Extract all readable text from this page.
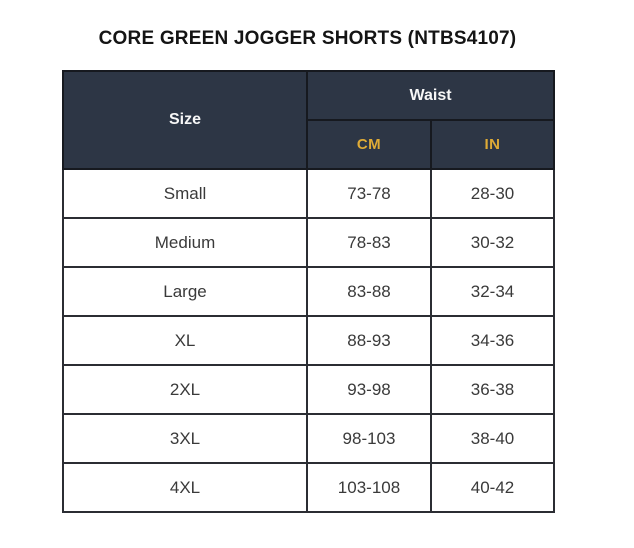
CORE GREEN JOGGER SHORTS (NTBS4107)
Size	Waist	
	CM	IN
Small	73-78	28-30
Medium	78-83	30-32
Large	83-88	32-34
XL	88-93	34-36
2XL	93-98	36-38
3XL	98-103	38-40
4XL	103-108	40-42
